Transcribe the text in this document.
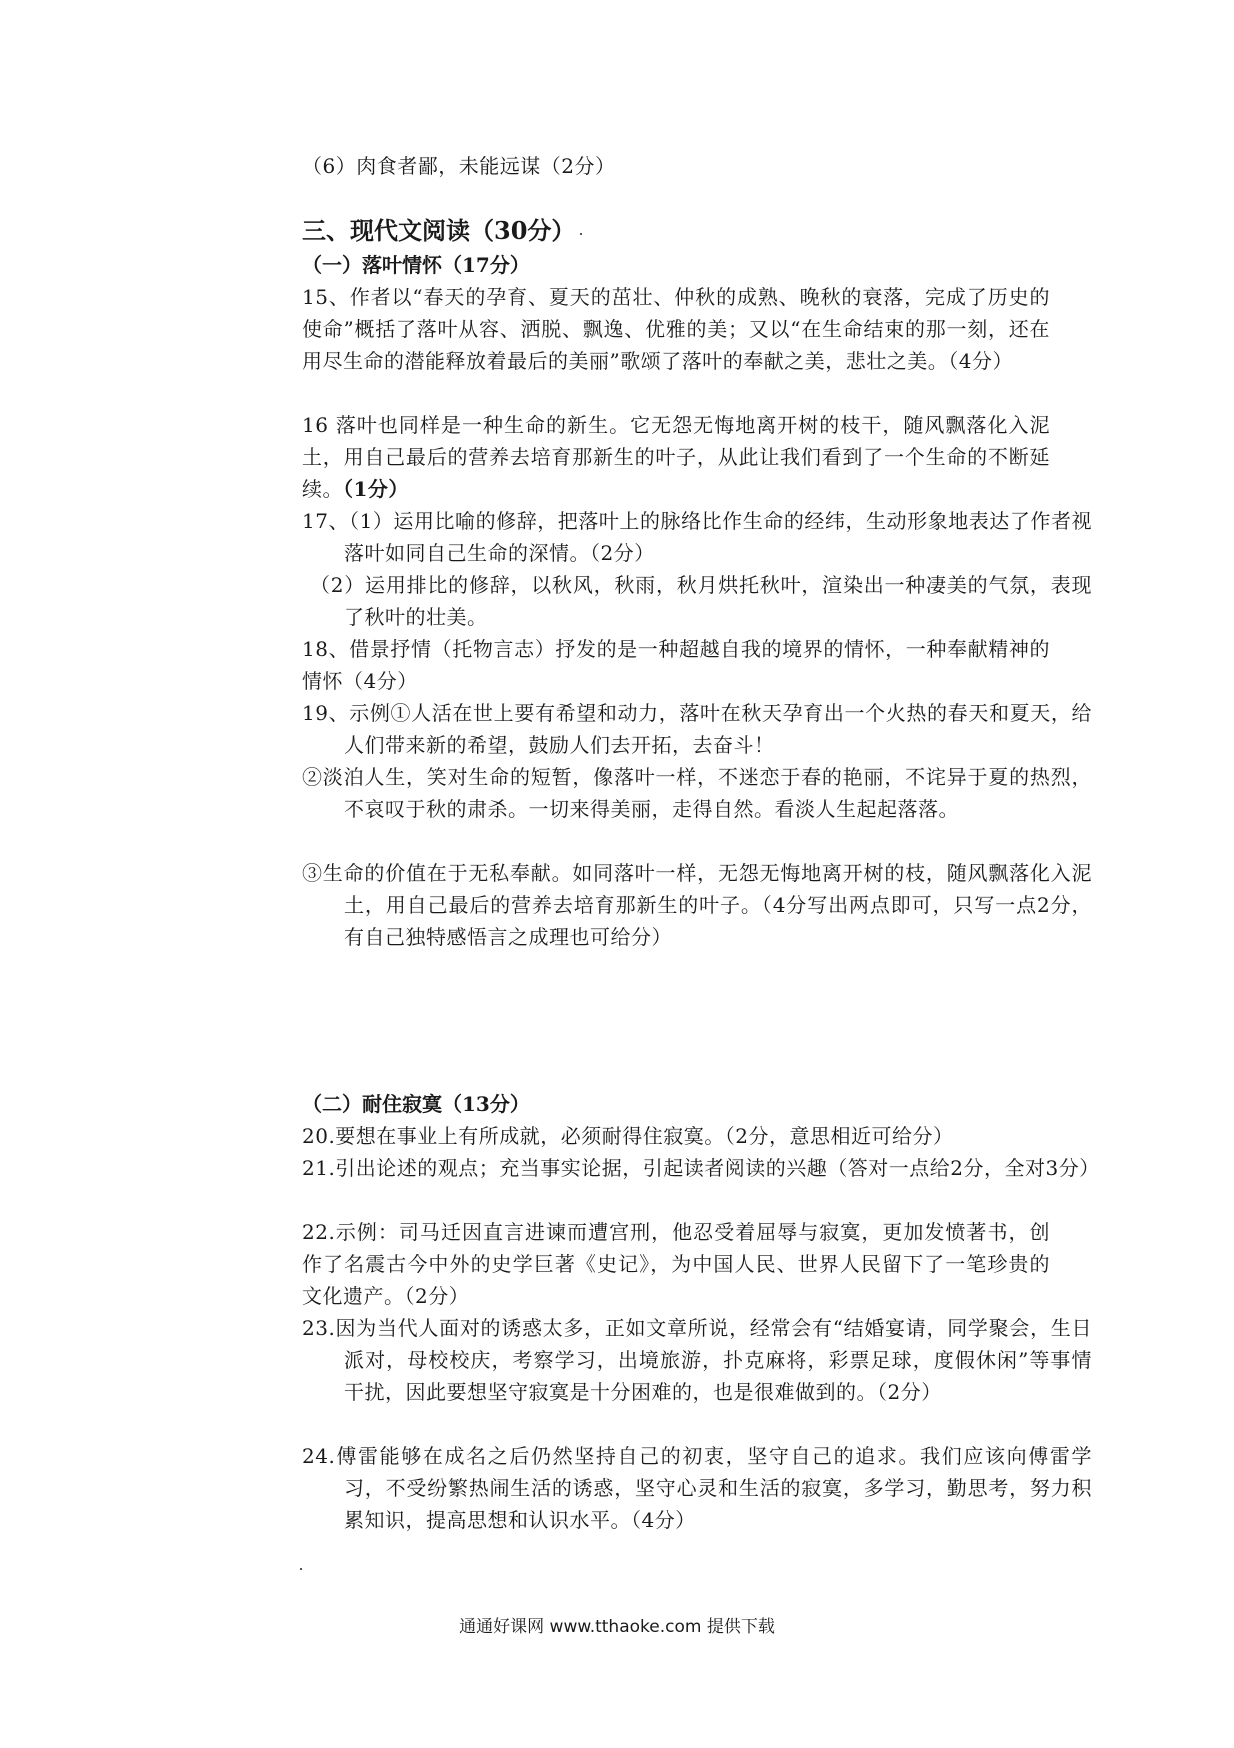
（6）肉食者鄙，未能远谋（2分）

三、现代文阅读（30分）
（一）落叶情怀（17分）

15、作者以“春天的孕育、夏天的茁壮、仲秋的成熟、晚秋的衰落，完成了历史的使命”概括了落叶从容、洒脱、飘逸、优雅的美；又以“在生命结束的那一刻，还在用尽生命的潜能释放着最后的美丽”歌颂了落叶的奉献之美，悲壮之美。（4分）

16 落叶也同样是一种生命的新生。它无怨无悔地离开树的枝干，随风飘落化入泥土，用自己最后的营养去培育那新生的叶子，从此让我们看到了一个生命的不断延续。（1分）

17、（1）运用比喻的修辞，把落叶上的脉络比作生命的经纬，生动形象地表达了作者视落叶如同自己生命的深情。（2分）

（2）运用排比的修辞，以秋风，秋雨，秋月烘托秋叶，渲染出一种凄美的气氛，表现了秋叶的壮美。

18、借景抒情（托物言志）抒发的是一种超越自我的境界的情怀，一种奉献精神的情怀（4分）

19、示例①人活在世上要有希望和动力，落叶在秋天孕育出一个火热的春天和夏天，给人们带来新的希望，鼓励人们去开拓，去奋斗！

②淡泊人生，笑对生命的短暂，像落叶一样，不迷恋于春的艳丽，不诧异于夏的热烈，不哀叹于秋的肃杀。一切来得美丽，走得自然。看淡人生起起落落。

③生命的价值在于无私奉献。如同落叶一样，无怨无悔地离开树的枝，随风飘落化入泥土，用自己最后的营养去培育那新生的叶子。（4分写出两点即可，只写一点2分，有自己独特感悟言之成理也可给分）

（二）耐住寂寞（13分）

20.要想在事业上有所成就，必须耐得住寂寞。（2分，意思相近可给分）

21.引出论述的观点；充当事实论据，引起读者阅读的兴趣（答对一点给2分，全对3分）

22.示例：司马迁因直言进谏而遭宫刑，他忍受着屈辱与寂寞，更加发愤著书，创作了名震古今中外的史学巨著《史记》，为中国人民、世界人民留下了一笔珍贵的文化遗产。（2分）

23.因为当代人面对的诱惑太多，正如文章所说，经常会有“结婚宴请，同学聚会，生日派对，母校校庆，考察学习，出境旅游，扑克麻将，彩票足球，度假休闲”等事情干扰，因此要想坚守寂寞是十分困难的，也是很难做到的。（2分）

24.傅雷能够在成名之后仍然坚持自己的初衷，坚守自己的追求。我们应该向傅雷学习，不受纷繁热闹生活的诱惑，坚守心灵和生活的寂寞，多学习，勤思考，努力积累知识，提高思想和认识水平。（4分）

通通好课网 www.tthaoke.com 提供下载
